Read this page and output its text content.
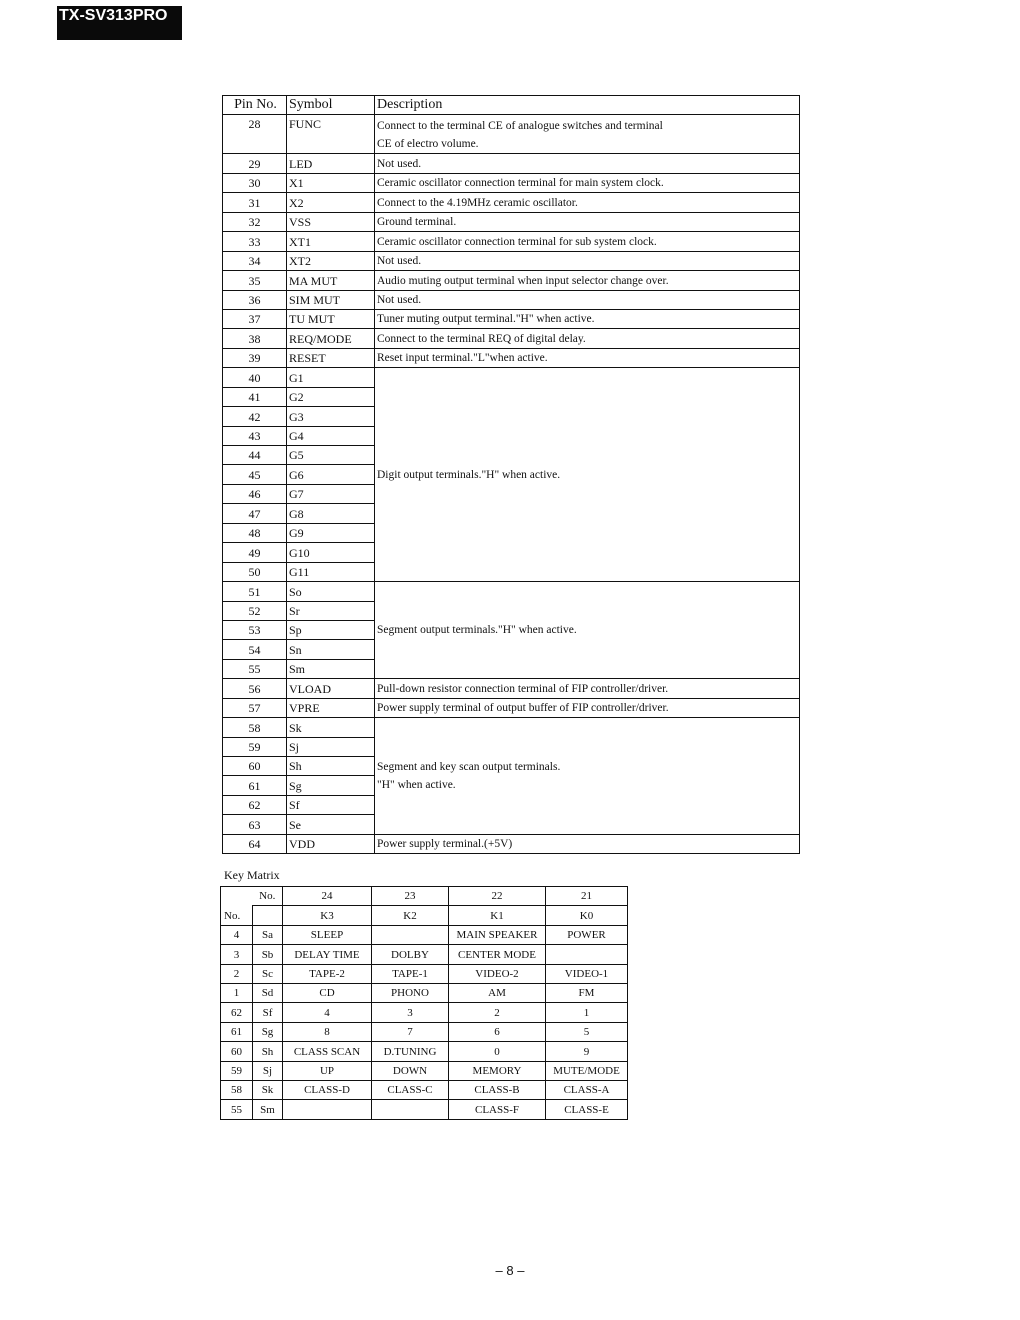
TX-SV313PRO
Pin No.	Symbol	Description
28	FUNC	Connect to the terminal CE of analogue switches and terminal
CE of electro volume.

29	LED	Not used.
30	X1	Ceramic oscillator connection terminal for main system clock.
31	X2	Connect to the 4.19MHz ceramic oscillator.
32	VSS	Ground terminal.
33	XT1	Ceramic oscillator connection terminal for sub system clock.
34	XT2	Not used.
35	MA MUT	Audio muting output terminal when input selector change over.
36	SIM MUT	Not used.
37	TU MUT	Tuner muting output terminal."H" when active.
38	REQ/MODE	Connect to the terminal REQ of digital delay.
39	RESET	Reset input terminal."L"when active.
40	G1	Digit output terminals."H" when active.

41	G2	
42	G3	
43	G4	
44	G5	
45	G6	
46	G7	
47	G8	
48	G9	
49	G10	
50	G11	
51	So	Segment output terminals."H" when active.

52	Sr	
53	Sp	
54	Sn	
55	Sm	
56	VLOAD	Pull-down resistor connection terminal of FIP controller/driver.
57	VPRE	Power supply terminal of output buffer of FIP controller/driver.
58	Sk	Segment and key scan output terminals.
"H" when active.

59	Sj	
60	Sh	
61	Sg	
62	Sf	
63	Se	
64	VDD	Power supply terminal.(+5V)
Key Matrix
	No.	24	23	22	21
No.		K3	K2	K1	K0
4	Sa	SLEEP		MAIN SPEAKER	POWER
3	Sb	DELAY TIME	DOLBY	CENTER MODE	
2	Sc	TAPE-2	TAPE-1	VIDEO-2	VIDEO-1
1	Sd	CD	PHONO	AM	FM
62	Sf	4	3	2	1
61	Sg	8	7	6	5
60	Sh	CLASS SCAN	D.TUNING	0	9
59	Sj	UP	DOWN	MEMORY	MUTE/MODE
58	Sk	CLASS-D	CLASS-C	CLASS-B	CLASS-A
55	Sm			CLASS-F	CLASS-E
– 8 –
